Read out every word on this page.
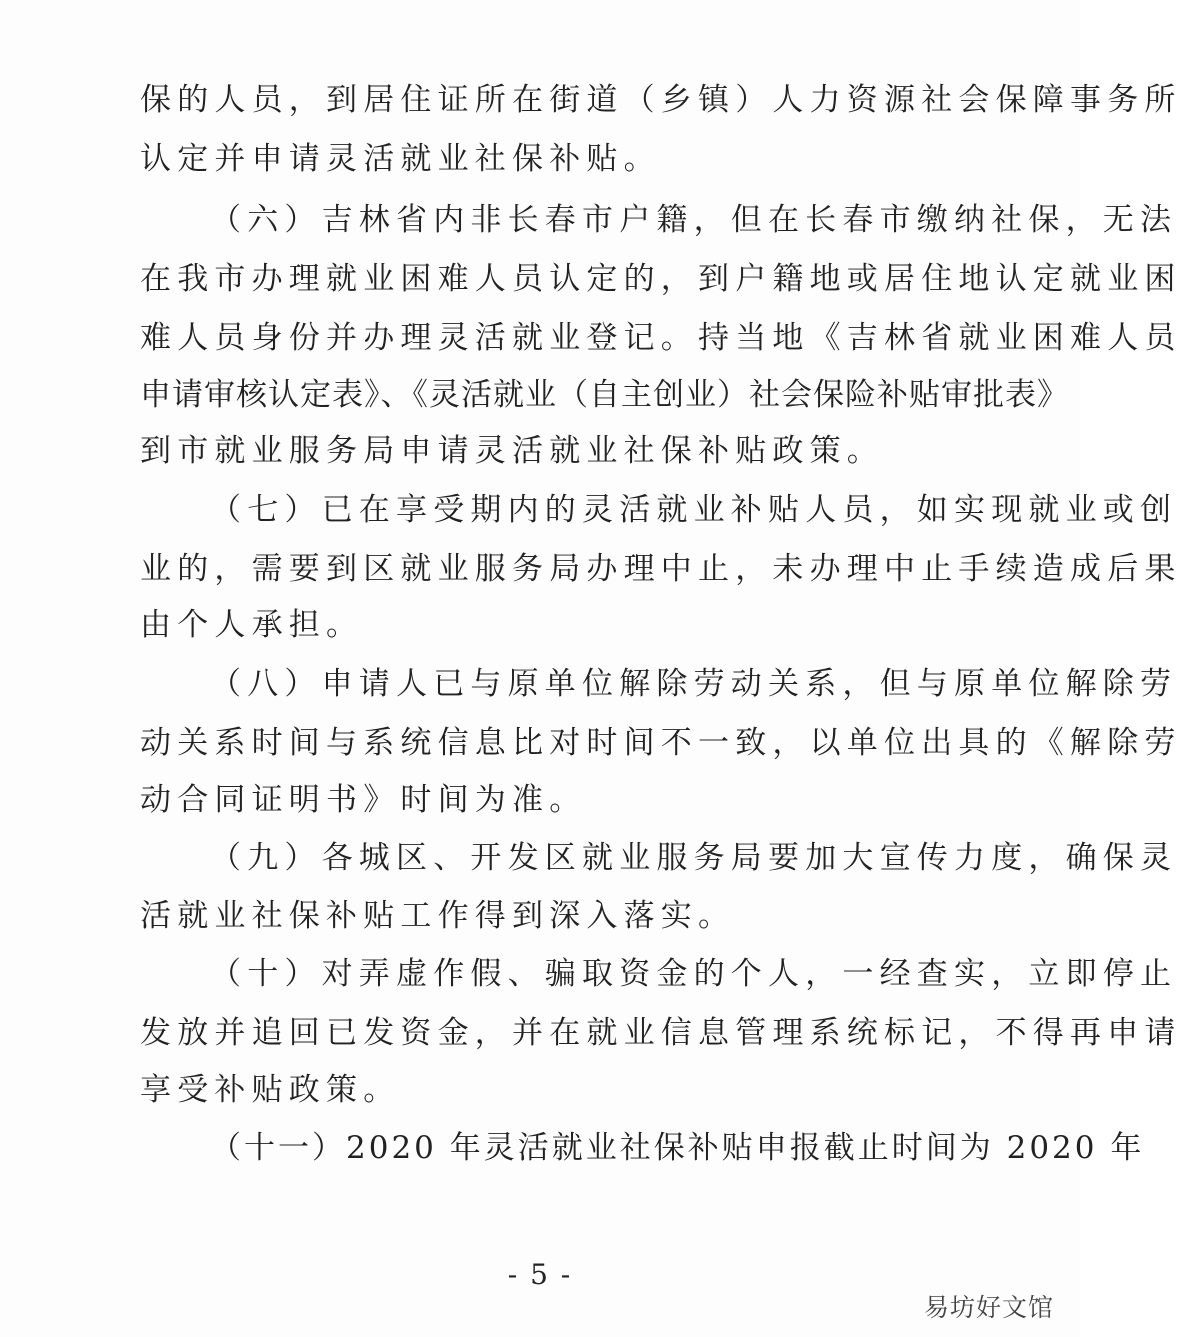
保的人员，到居住证所在街道（乡镇）人力资源社会保障事务所
认定并申请灵活就业社保补贴。
（六）吉林省内非长春市户籍，但在长春市缴纳社保，无法
在我市办理就业困难人员认定的，到户籍地或居住地认定就业困
难人员身份并办理灵活就业登记。持当地《吉林省就业困难人员
申请审核认定表》、《灵活就业（自主创业）社会保险补贴审批表》
到市就业服务局申请灵活就业社保补贴政策。
（七）已在享受期内的灵活就业补贴人员，如实现就业或创
业的，需要到区就业服务局办理中止，未办理中止手续造成后果
由个人承担。
（八）申请人已与原单位解除劳动关系，但与原单位解除劳
动关系时间与系统信息比对时间不一致，以单位出具的《解除劳
动合同证明书》时间为准。
（九）各城区、开发区就业服务局要加大宣传力度，确保灵
活就业社保补贴工作得到深入落实。
（十）对弄虚作假、骗取资金的个人，一经查实，立即停止
发放并追回已发资金，并在就业信息管理系统标记，不得再申请
享受补贴政策。
（十一）2020 年灵活就业社保补贴申报截止时间为 2020 年
- 5 -
易坊好文馆
